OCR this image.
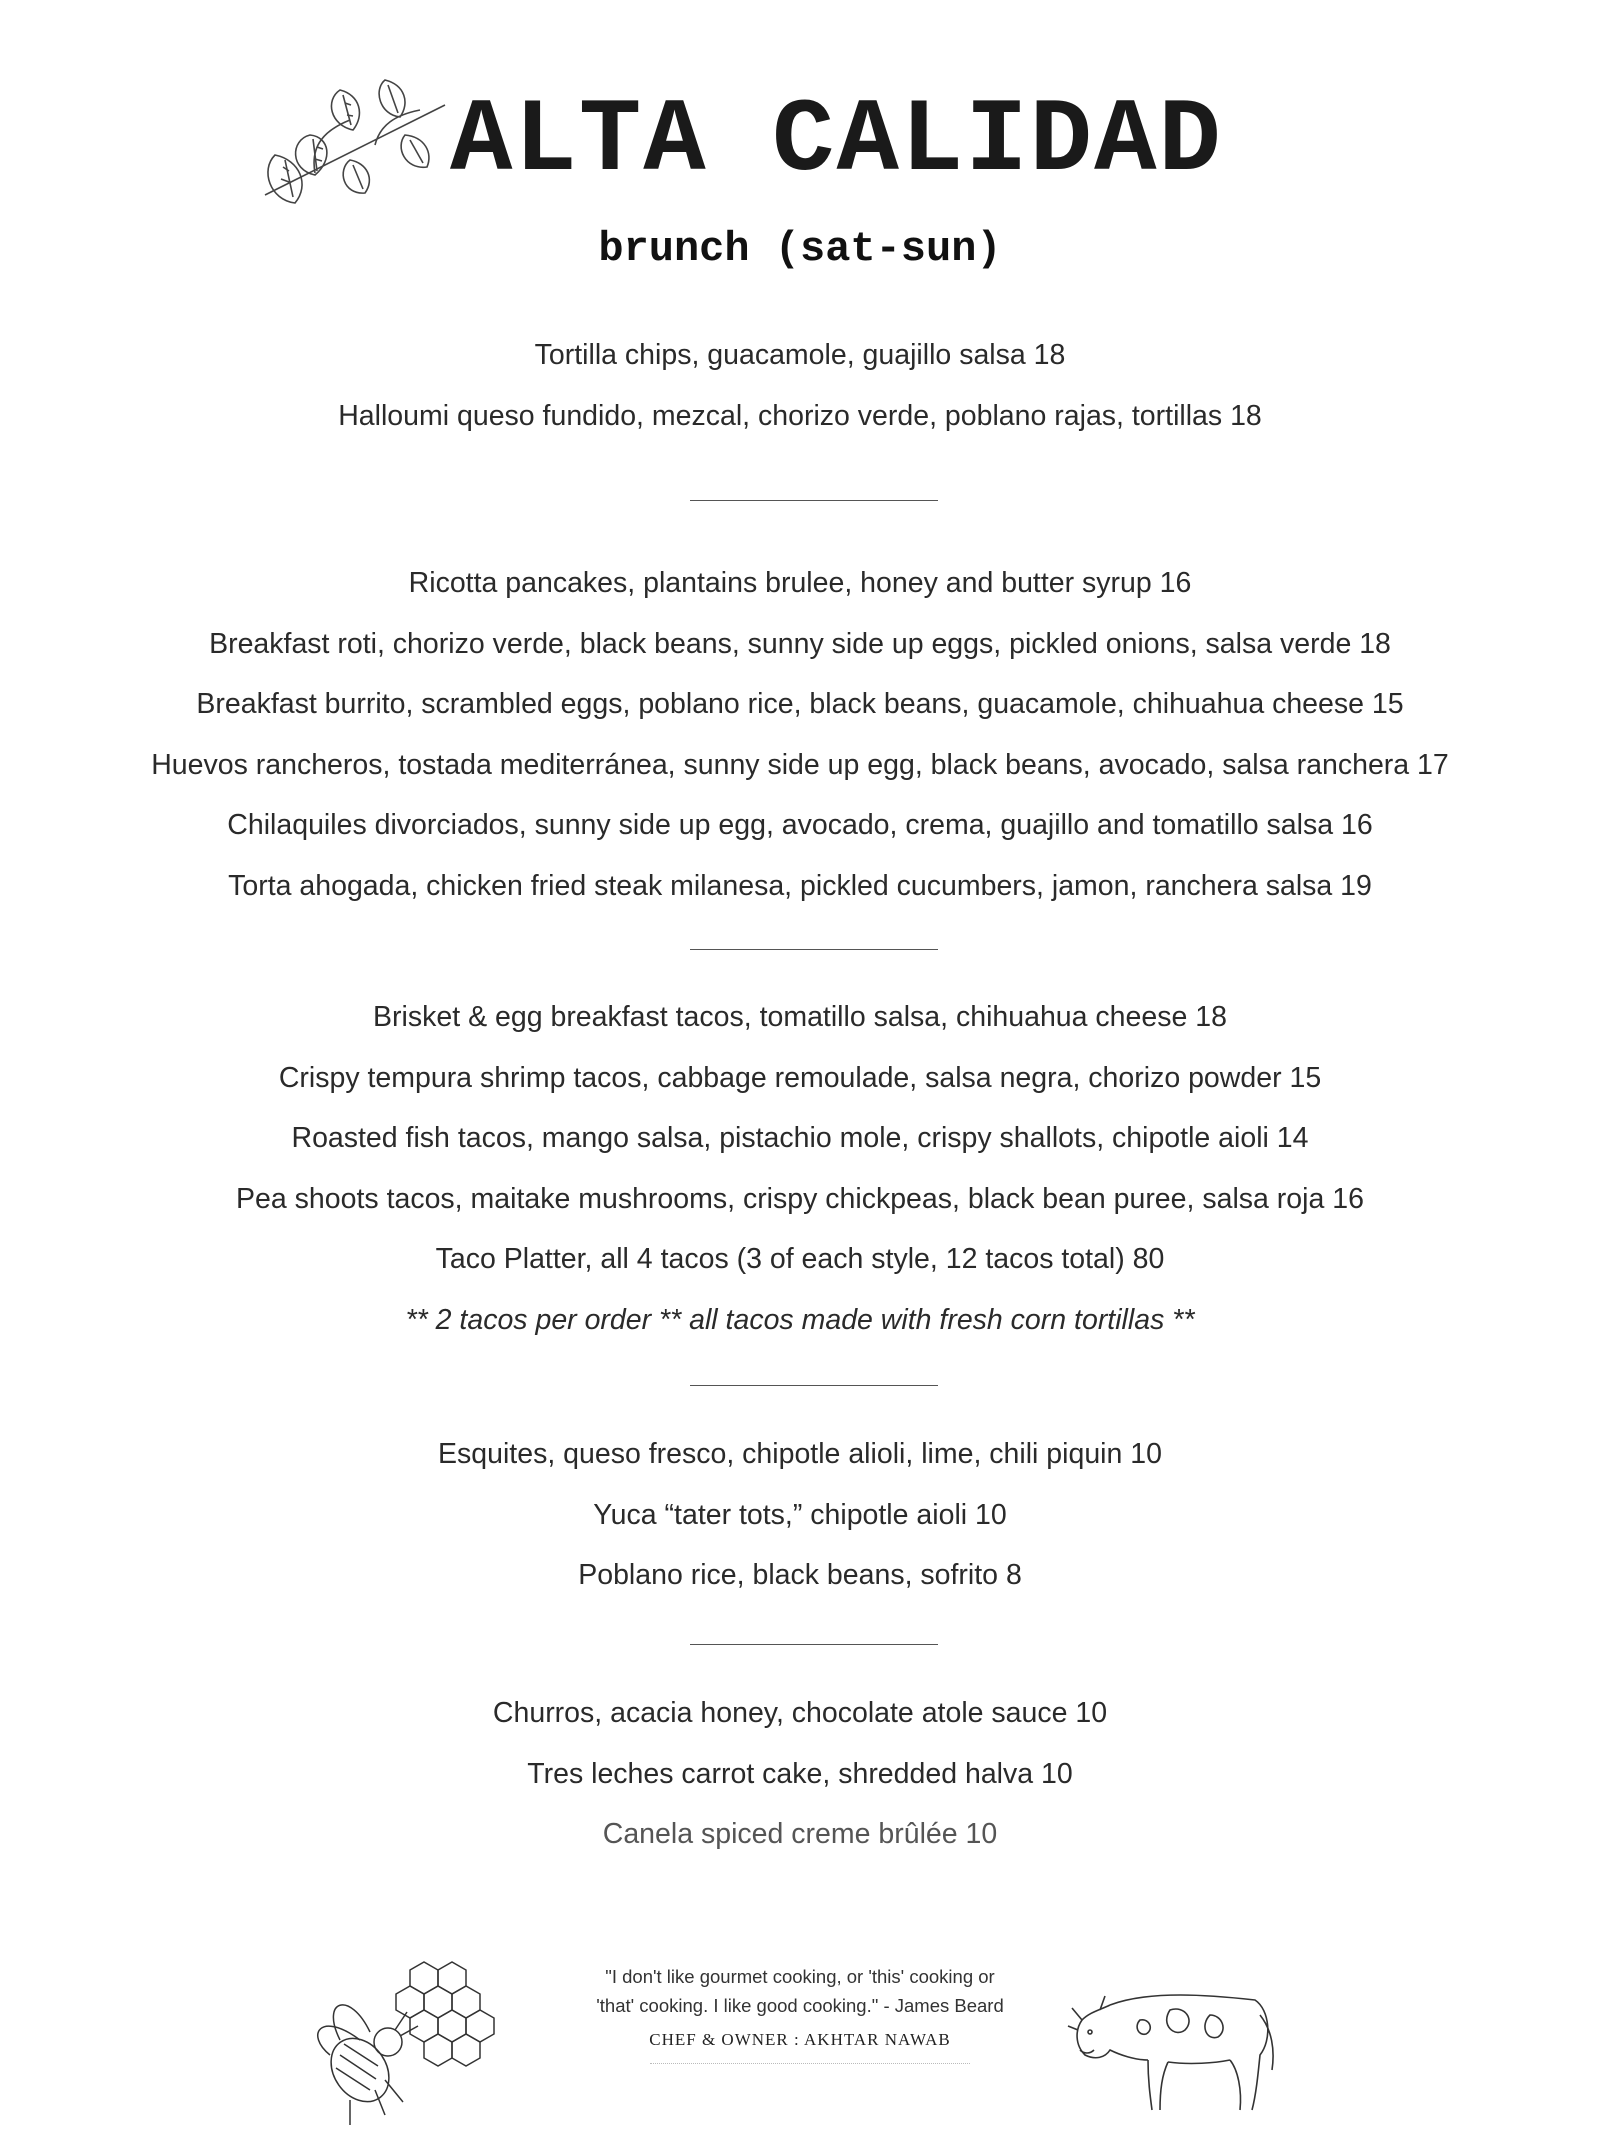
ALTA CALIDAD
brunch (sat-sun)
Tortilla chips, guacamole, guajillo salsa 18
Halloumi queso fundido, mezcal, chorizo verde, poblano rajas, tortillas 18
Ricotta pancakes, plantains brulee, honey and butter syrup 16
Breakfast roti, chorizo verde, black beans, sunny side up eggs, pickled onions, salsa verde 18
Breakfast burrito, scrambled eggs, poblano rice, black beans, guacamole, chihuahua cheese 15
Huevos rancheros, tostada mediterránea, sunny side up egg, black beans, avocado, salsa ranchera 17
Chilaquiles divorciados, sunny side up egg, avocado, crema, guajillo and tomatillo salsa 16
Torta ahogada, chicken fried steak milanesa, pickled cucumbers, jamon, ranchera salsa 19
Brisket & egg breakfast tacos, tomatillo salsa, chihuahua cheese 18
Crispy tempura shrimp tacos, cabbage remoulade, salsa negra, chorizo powder 15
Roasted fish tacos, mango salsa, pistachio mole, crispy shallots, chipotle aioli 14
Pea shoots tacos, maitake mushrooms, crispy chickpeas, black bean puree, salsa roja 16
Taco Platter, all 4 tacos (3 of each style, 12 tacos total) 80
** 2 tacos per order ** all tacos made with fresh corn tortillas **
Esquites, queso fresco, chipotle alioli, lime, chili piquin 10
Yuca “tater tots,” chipotle aioli 10
Poblano rice, black beans, sofrito 8
Churros, acacia honey, chocolate atole sauce 10
Tres leches carrot cake, shredded halva 10
Canela spiced creme brûlée 10
"I don't like gourmet cooking, or 'this' cooking or
'that' cooking. I like good cooking." - James Beard
CHEF & OWNER : AKHTAR NAWAB
